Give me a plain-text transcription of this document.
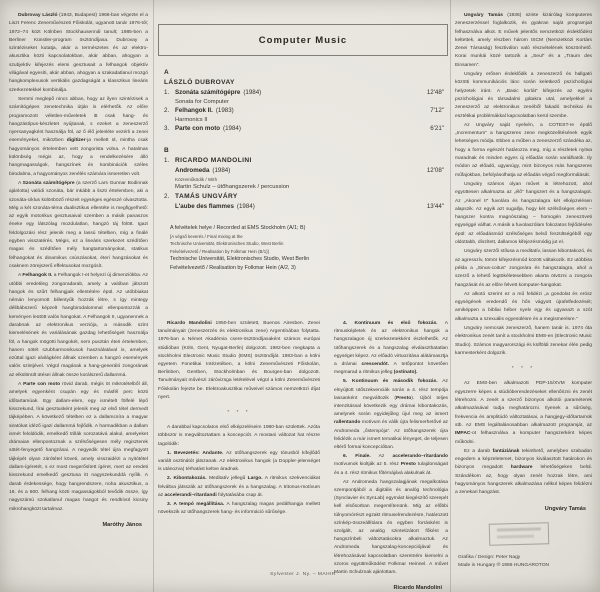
Dubrovay László (1943, Budapest) 1966-ban végezte el a Liszt Ferenc Zeneművészeti Főiskolát, ugyanott tanár 1976-tól; 1972–74 közt Kölnben Stockhausennál tanult; 1985-ben a Berliner Künstler-program ösztöndíjasa. Dubrovay a szintéziseket kutatja, akár a természetes és az elektro-akusztika közti kapcsolatokban, akár abban, ahogyan a szubjektív kifejezés elemi gesztusait a felhangok objektív világával egyesíti, akár abban, ahogyan a szakadatlanul mozgó hangkomplexusok vertikális gazdagságát a klasszikus lineáris szerkezetekkel kombinálja.

Semmi meglepő nincs abban, hogy az ilyen szintézisek a számítógépes zenetechnika útján is elérhetők. Az előre programozott véletlen-műveletek itt csak hang- és hangzástípus-készletet nyújtanak, s ezeket a zeneszerző nyersanyagként használja föl, az ő élő jelenléte vezérli a zenei eseményeket, miközben digitizer-ja mellett ül, mintha csak hagyományos értelemben vett zongorista volna. A hatalmas különbség mégis az, hogy a rendelkezésére álló hangmagasságok, hangszínek és kombinációk széles birodalma, a hagyományos zenélés számára ismeretlen volt.

A Szonáta számítógépre (a szerző Lars Gunnar Bodinnak ajánlotta) valódi szonáta, bár inkább a liszti értelemben, aki a szonáta-ciklus különböző részeit egységes egésszé olvasztotta. Még a két szonáta-téma dualisztikus ellentéte is megfigyelhető: az egyik motorikus gesztusaival szemben a másik panaszos éneke egy látszólag mozdulatlan, hangzó táj fölött. Igazi feldolgozási rész jelenik meg a lassú tételben, míg a finálé egyben visszatérés. Mégis, ez a lineáris szerkezet szédítően magas és szédítően mély hangtartományokat, statikus felhangokat és dinamikus csúszásokat, éteri hangzásokat és csaknem zörejszerű effektusokat mozgósít.

A Felhangok II. a Felhangok I-et helyezi új dimenziókba. Az utóbbi eredetileg zongoradarab, amely a valóban játszott hangok és szűrt felhangjaik ellentétére épül. Az utóbbiakat némán lenyomott billentyűk hozzák létre, s így mintegy délibábszerű képzelt hangbirodalommal ellenpontozzák a keményen leütött valós hangokat. A Felhangok II, ugyanennek a darabnak az elektronikus verziója, a második szint kiemelésének és variálásának gazdag lehetőségeit használja föl, a hangok mögötti hangokét, nem pusztán éteri értelemben, hanem sötét szubharmonikusok használatával is, amelyek ezúttal igazi alvilágként állnak szemben a hangzó események valós szintjével. Végül magának a hang-generáló zongorának az elkülönült ütései állnak össze korálszerű dallammá.

A Parte con moto rövid darab, mégis öt mikrotételből áll, amelyek egyenként csupán egy és másfél perc közti időtartamúak. Egy dallam-elem, egy ismételt fölfelé lépő kisszekund, lírai gesztusként jelenik meg az első tétel dermedt tájképében. A következő tételben ez a dallamcsíra a magyar siratókat idéző igazi dallammá fejlődik. A harmadikban a dallam ismét feloldódik, emelkedő trillák sorozatává alakul, amelyeket drámaian ellenpontoznak a szélsőségesen mély regiszterek sötét-fenyegető hangzásai. A negyedik tétel újra megfagyott tájképét olyan zárótétel követi, amely visszaidézi a nyitótétel dallam-ígéretét, s ez most megerősített ígéret, mert az eredeti kisszekund emelkedő gesztusa itt nagyszekunddá nyílik. A darab érdekessége, hogy hangrendszere, noha akusztikus, a 16. és a 600. felhang közti magasságokból tevődik össze, így nagyszámú szokatlanul magas hangot és rendkívül kicsiny mikrohangközt tartalmaz.

Maróthy János
Computer Music
A
LÁSZLÓ DUBROVAY
1. Szonáta számítógépre (1984)	12'48"
Sonata for Computer
2. Felhangok II. (1983)	7'12"
Harmonics II
3. Parte con moto (1984)	6'21"
B
1. RICARDO MANDOLINI
Andromeda (1984)	12'08"
Közreműködik / With
Martin Schulz – ütőhangszerek / percussion
2. TAMÁS UNGVÁRY
L'aube des flammes (1984)	13'44"
A felvételek helye / Recorded at EMS Stockholm (A/1; B)
[A végső keverés / Final mixing at the
Technische Universität, Elektronisches Studio, West Berlin
Felvételvezető / Realisation by Folkmar Hein (B/1)]
Technische Universität, Elektronisches Studio, West Berlin
Felvételvezető / Realisation by Folkmar Hein (A/2, 3)

Ricardo Mandolini 1950-ben született, Buenos Airesben. Zenei tanulmányait (zeneszerzés és elektronikus zene) Argentínában folytatta. 1976-ban a Német Akadémia csere-ösztöndíjasaként számos európai stúdióban (Köln, Gent, Nyugat-Berlin) dolgozott. 1982-ben megkapta a stockholmi Electronic Music Studio (EMS) ösztöndíját. 1983-ban a kölni egyetem Fonetikai Intézetében, a kölni Zeneművészeti Főiskolán, Berlinben, Gentben, Stockholmban és Bourges-ban dolgozott. Tanulmányait művészi záróvizsga letételével végül a kölni Zeneművészeti Főiskolán fejezte be. Elektroakusztikai műveivel számos nemzetközi díjat nyert.

* * *

A darabbal kapcsolatos első elképzeléseim 1980-ban születtek. Azóta többször is megváltoztattam a koncepciót. A mostani változat hat részre tagolódik:

1. Bevezetés: Andante. Az ütőhangszerek egy tónusból kifejlődő variált osztinátót játszanak. Az elektronikus hangok (a Doppler-jelenséget is utánozva) térhatást keltve áradnak.

2. Kibontakozás. Meditatív jellegű Largo. A ritmikus szekvenciákat felváltva játsszák az ütőhangszerek és a hangszalag. A tritonus-motívum az accelerandi–ritardandi folytatásába csap át.

3. A tempó megállítása. A hangszalag magas pedálhangja mellett növekszik az ütőhangszerek hang- és információ sűrűsége.

4. Kontinuum és első fokozás. A ritmusképletek és az elektronikus hangok a hangszalagon új szerkezetekként észlelhetők. Az ütőhangszerek és a hangszalag elválaszthatatlan egységet képez. Az előadó virtuozitása alátámasztja a drámai crescendót. A tetőpontot követően megmarad a ritmikus jelleg (ostinato).

5. Kontinuum és második fokozás. Az elnyújtott ütőszekvenciák során a 4. rész tempója lassanként megváltozik (Presto). Újból teljes intenzitással következik egy drámai kibontakozás, amelynek során egyidejűleg újul meg az ismert rallentando motívum és válik újra felismerhetővé az Andromeda „őstempója”. Az ütőhangszerek újra felidézik a már ismert tematikai lényeget, de teljesen eltérő formai koncepcióban.

6. Finale. Az accelerando–ritardando motívumok kioltják az 5. rész Presto tulajdonságait és a 4. rész ritmikus főtémájává alakulnak át.

Az Andromeda hangszalagjának megalkotása szempontjából a digitális és analóg technológia (Synclavier és SynLab) egymást kiegészítő szerepét kell elsősorban megemlítenünk. Míg az előbbi túlnyomórészt egzakt ritmuselrendezésre, határozott színkép-összeállításra és egyben forrásként is szolgált, az analóg szintetizátort főként a hangszínbeli változtatásokra alkalmaztuk. Az Andromeda hangszalag-koncepciójával és létrehozásával kapcsolatban szeretném kiemelni a szoros együttműködést Folkmar Heinnel. A művet Martin Schulznak ajánlottam.

Ricardo Mandolini
Sylvester J. Ny. – MAHIR

Ungváry Tamás (1936) szinte kizárólag komputeres zeneszerzéssel foglalkozik, és gyakran saját programjait felhasználva alkot. E művek jelentős nemzetközi érdeklődést keltettek, amely részben három ISCM (Nemzetközi Kortárs Zenei Társaság) fesztiválon való részvételének köszönhető. Korai munkái közé tartozik a „Seul” és a „Traum des Einsamen”.

Ungváry erősen érdeklődik a zeneszerző és hallgató közötti kommunikációs lánc során keletkező pszichológiai helyzetek iránt. A „Basic korlát” kifejezés az egyéni pszichológiai és társadalmi gátakra utal, amelyekkel a zeneszerző az elektronikus zenéből fakadó technikai és esztétikai problémákkal kapcsolatban kerül szembe.

Az Ungváry saját nyelvén, a COTEST-re épülő „Incrementum” a hangszeres zene megközelítésének egyik lehetséges módja. Ebben a műben a zeneszerző szándéka az, hogy a forma egészét határozza meg, míg a részletek nyitva maradnak és minden egyes új előadás során variálhatók. Ily módon az előadó, ugyanúgy, mint bizonyos más hangszeres műfajokban, befolyásolhatja az előadás végső megformálását.

Ungváry számos olyan művet is létrehozott, ahol együttesen alkalmazta az „élő” hangszert és a hangszalagot. Az „Akonel II” fuvolára és hangszalagra két elképzelésen alapszik. Az egyik azt sugallja, hogy két szélsőséges elem – hangszer kontra magnószalag – homogén zeneszöveti egységgé válhat. A másik a fuvolaszólam fokozatos fejlődésére épül: az előadásmód szélsőséges belső feszültségéből egy oldottabb, díszített, dallamos kifejezésmódig jut el.

Ungváry szerzői stílusa a meditatív, lassan kibontakozó, és az agresszív, tömör kifejezésmód között váltakozik. Ez utóbbira példa a „Sinus-coitus” zongorára és hangszalagra, ahol a szerző a lehető legtökéletesebben akarta ötvözni a zongora hangzását és az előre felvett komputer-hangokat.

Az alkotó szerint ez a mű felidézi „a gondolat és erósz egységének eredendő és hőn vágyott újrafelfedezését; amiképpen a bibliai héber nyelv egy és ugyanazt a szót alkalmazta a szexuális egyesülésre és a megismerésre.”

Ungváry nemcsak zeneszerző, hanem tanár is. 1974 óta elektronikus zenét tanít a stockholmi EMS-en (Electronic Music Studio). Számos magyarországi és külföldi zenekar élén pedig karmesterként dolgozik.

* * *

Az EMS-ben alkalmazott PDP-15/XVM komputer egyszerre képes a stúdióberendezéseket ellenőrizni és zenét létrehozni. A zenét a szerző bizonyos alkotói paraméterek alkalmazásával tudja meghatározni. Ilyenek a sűrűség, frekvencia és amplitúdó változtatásai, a hangjegy-időtartamok stb. Az EMS legáltalánosabban alkalmazott programját, az IMPAC-ot felhasználva a komputer hangszerként képes működni.

Ez a darab fantáziának tekinthető, amelyben szabadon engedem a képzeletemet, bizonyos kiválasztott határokon és bizonyos megadott hardware lehetőségeken belül. Szándékom az, hogy olyan zenét hozzak létre, ami hagyományos hangszerek alkalmazása nélkül képes felidézni a zenekari hangzást.

Ungváry Tamás
Grafika / Design: Peter Nagy
Made in Hungary ℗ 1986 HUNGAROTON
